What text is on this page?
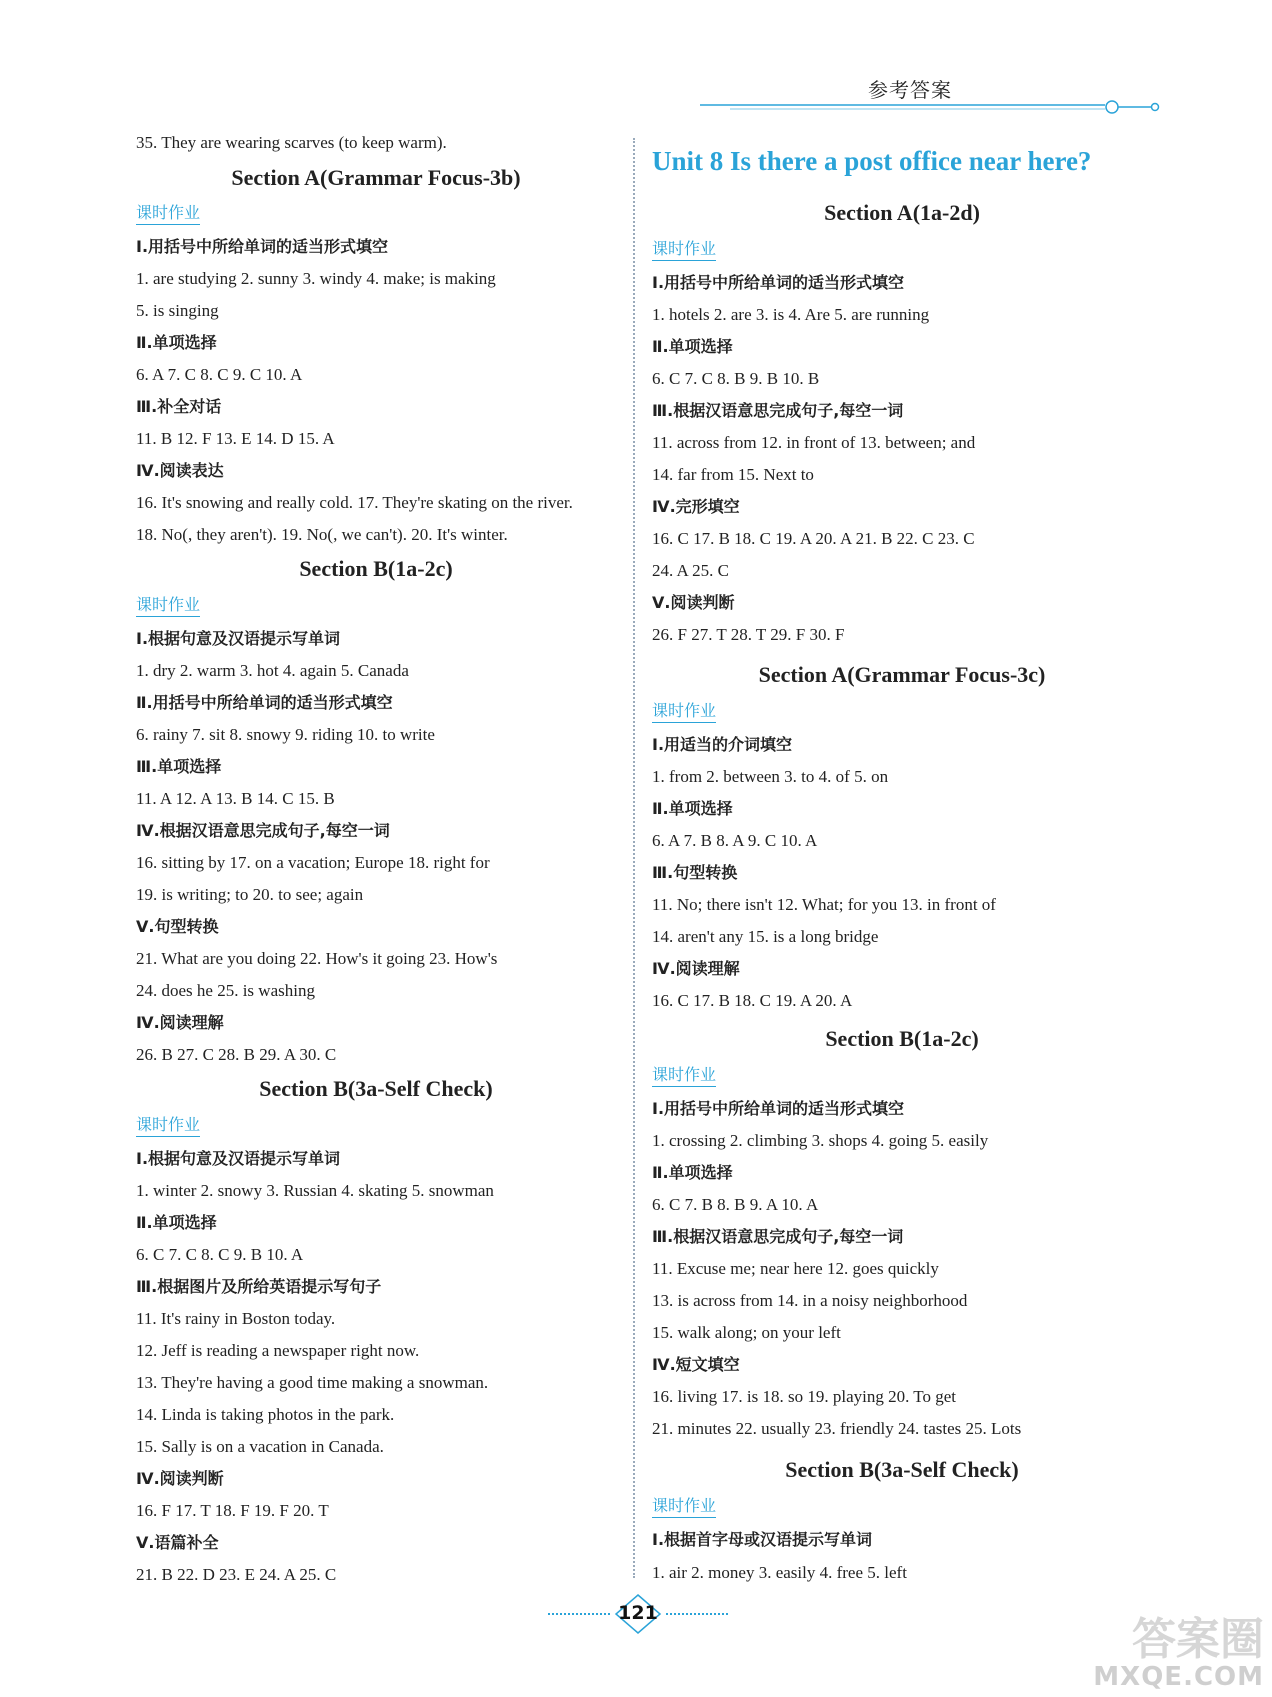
参考答案
35. They are wearing scarves (to keep warm).
Section A(Grammar Focus-3b)
课时作业
Ⅰ.用括号中所给单词的适当形式填空
1. are studying 2. sunny 3. windy 4. make; is making
5. is singing
Ⅱ.单项选择
6. A 7. C 8. C 9. C 10. A
Ⅲ.补全对话
11. B 12. F 13. E 14. D 15. A
Ⅳ.阅读表达
16. It's snowing and really cold. 17. They're skating on the river.
18. No(, they aren't). 19. No(, we can't). 20. It's winter.
Section B(1a-2c)
课时作业
Ⅰ.根据句意及汉语提示写单词
1. dry 2. warm 3. hot 4. again 5. Canada
Ⅱ.用括号中所给单词的适当形式填空
6. rainy 7. sit 8. snowy 9. riding 10. to write
Ⅲ.单项选择
11. A 12. A 13. B 14. C 15. B
Ⅳ.根据汉语意思完成句子,每空一词
16. sitting by 17. on a vacation; Europe 18. right for
19. is writing; to 20. to see; again
Ⅴ.句型转换
21. What are you doing 22. How's it going 23. How's
24. does he 25. is washing
Ⅳ.阅读理解
26. B 27. C 28. B 29. A 30. C
Section B(3a-Self Check)
课时作业
Ⅰ.根据句意及汉语提示写单词
1. winter 2. snowy 3. Russian 4. skating 5. snowman
Ⅱ.单项选择
6. C 7. C 8. C 9. B 10. A
Ⅲ.根据图片及所给英语提示写句子
11. It's rainy in Boston today.
12. Jeff is reading a newspaper right now.
13. They're having a good time making a snowman.
14. Linda is taking photos in the park.
15. Sally is on a vacation in Canada.
Ⅳ.阅读判断
16. F 17. T 18. F 19. F 20. T
Ⅴ.语篇补全
21. B 22. D 23. E 24. A 25. C
Unit 8 Is there a post office near here?
Section A(1a-2d)
课时作业
Ⅰ.用括号中所给单词的适当形式填空
1. hotels 2. are 3. is 4. Are 5. are running
Ⅱ.单项选择
6. C 7. C 8. B 9. B 10. B
Ⅲ.根据汉语意思完成句子,每空一词
11. across from 12. in front of 13. between; and
14. far from 15. Next to
Ⅳ.完形填空
16. C 17. B 18. C 19. A 20. A 21. B 22. C 23. C
24. A 25. C
Ⅴ.阅读判断
26. F 27. T 28. T 29. F 30. F
Section A(Grammar Focus-3c)
课时作业
Ⅰ.用适当的介词填空
1. from 2. between 3. to 4. of 5. on
Ⅱ.单项选择
6. A 7. B 8. A 9. C 10. A
Ⅲ.句型转换
11. No; there isn't 12. What; for you 13. in front of
14. aren't any 15. is a long bridge
Ⅳ.阅读理解
16. C 17. B 18. C 19. A 20. A
Section B(1a-2c)
课时作业
Ⅰ.用括号中所给单词的适当形式填空
1. crossing 2. climbing 3. shops 4. going 5. easily
Ⅱ.单项选择
6. C 7. B 8. B 9. A 10. A
Ⅲ.根据汉语意思完成句子,每空一词
11. Excuse me; near here 12. goes quickly
13. is across from 14. in a noisy neighborhood
15. walk along; on your left
Ⅳ.短文填空
16. living 17. is 18. so 19. playing 20. To get
21. minutes 22. usually 23. friendly 24. tastes 25. Lots
Section B(3a-Self Check)
课时作业
Ⅰ.根据首字母或汉语提示写单词
1. air 2. money 3. easily 4. free 5. left
121
答案圈
MXQE.COM
